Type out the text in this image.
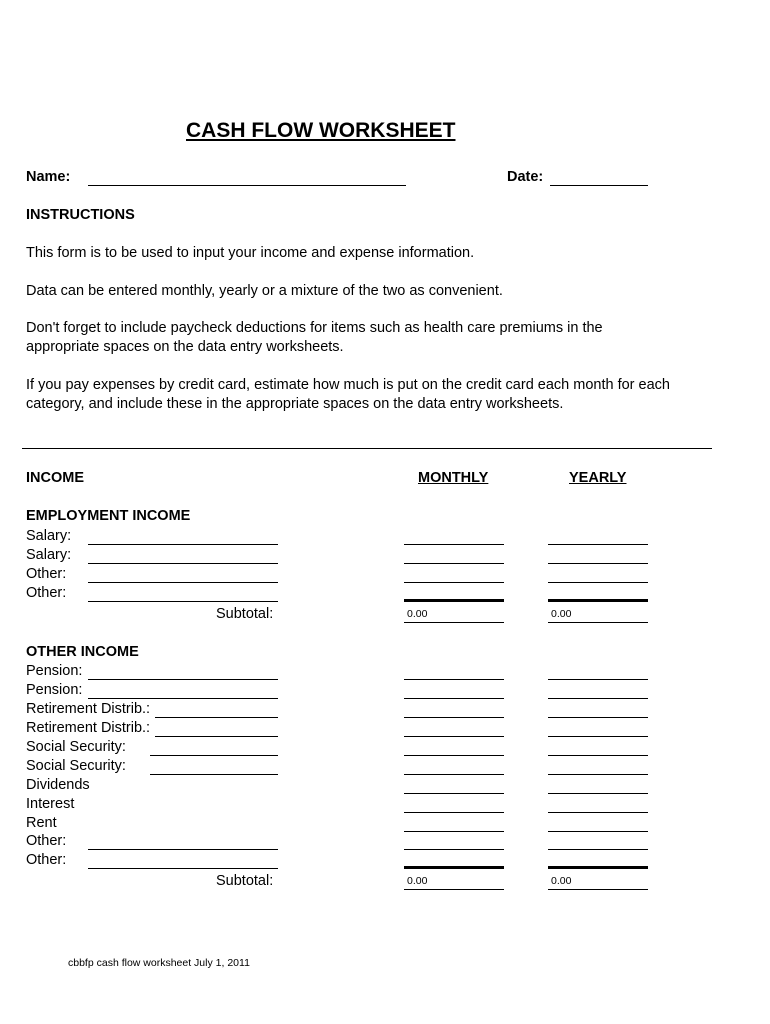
CASH FLOW WORKSHEET
Name:	Date:
INSTRUCTIONS
This form is to be used to input your income and expense information.
Data can be entered monthly, yearly or a mixture of the two as convenient.
Don't forget to include paycheck deductions for items such as health care premiums in the
appropriate spaces on the data entry worksheets.
If you pay expenses by credit card, estimate how much is put on the credit card each month for each
category, and include these in the appropriate spaces on the data entry worksheets.
INCOME	MONTHLY	YEARLY
EMPLOYMENT INCOME
Salary:
Salary:
Other:
Other:
Subtotal:	0.00	0.00
OTHER INCOME
Pension:
Pension:
Retirement Distrib.:
Retirement Distrib.:
Social Security:
Social Security:
Dividends
Interest
Rent
Other:
Other:
Subtotal:	0.00	0.00
cbbfp cash flow worksheet July 1, 2011
